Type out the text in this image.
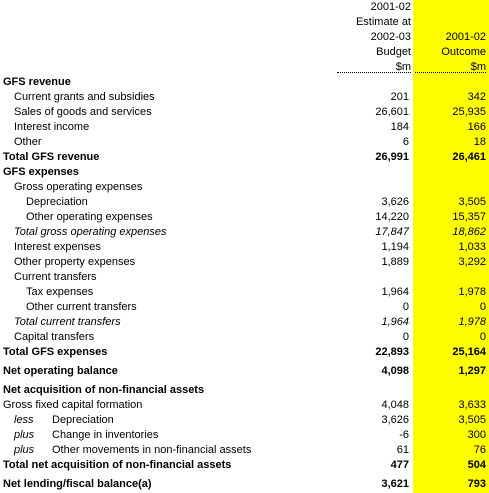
2001-02
Estimate at
2002-03	2001-02
Budget	Outcome
$m	$m
GFS revenue		
Current grants and subsidies	201	342
Sales of goods and services	26,601	25,935
Interest income	184	166
Other	6	18
Total GFS revenue	26,991	26,461
GFS expenses		
Gross operating expenses		
Depreciation	3,626	3,505
Other operating expenses	14,220	15,357
Total gross operating expenses	17,847	18,862
Interest expenses	1,194	1,033
Other property expenses	1,889	3,292
Current transfers		
Tax expenses	1,964	1,978
Other current transfers	0	0
Total current transfers	1,964	1,978
Capital transfers	0	0
Total GFS expenses	22,893	25,164
Net operating balance	4,098	1,297
Net acquisition of non-financial assets		
Gross fixed capital formation	4,048	3,633
less Depreciation	3,626	3,505
plus Change in inventories	-6	300
plus Other movements in non-financial assets	61	76
Total net acquisition of non-financial assets	477	504
Net lending/fiscal balance(a)	3,621	793
